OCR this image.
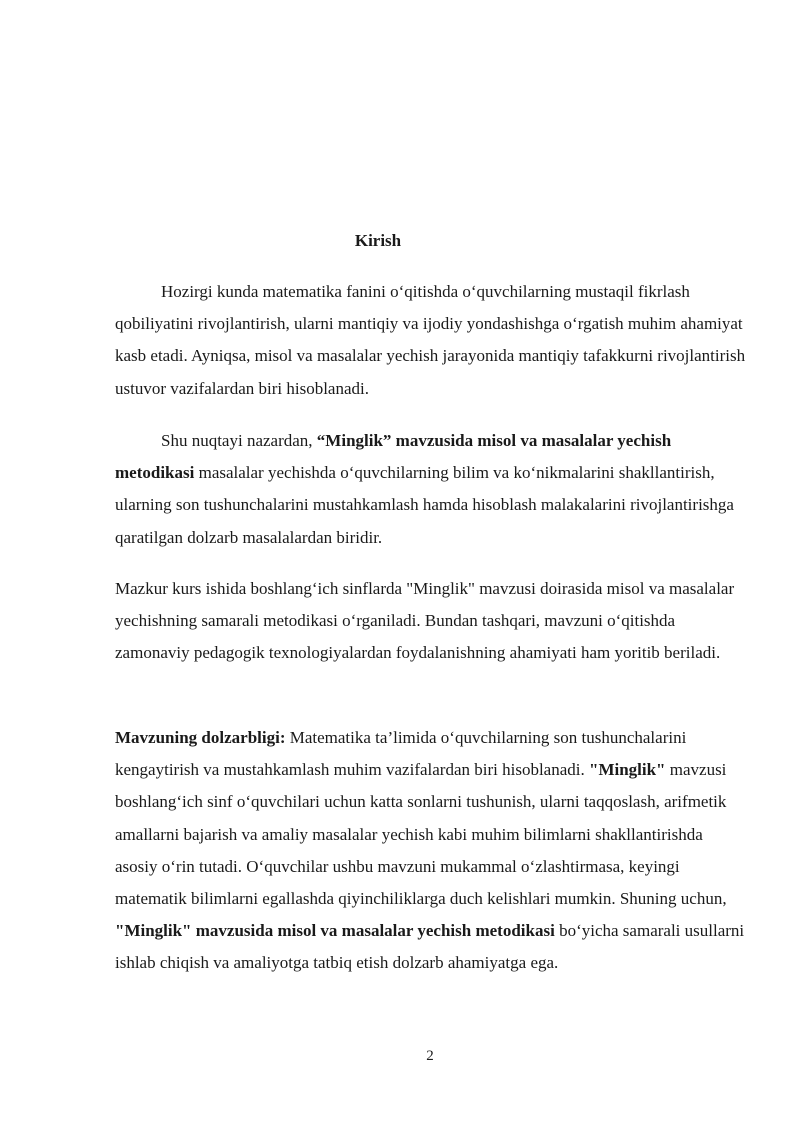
Kirish

Hozirgi kunda matematika fanini o‘qitishda o‘quvchilarning mustaqil fikrlash qobiliyatini rivojlantirish, ularni mantiqiy va ijodiy yondashishga o‘rgatish muhim ahamiyat kasb etadi. Ayniqsa, misol va masalalar yechish jarayonida mantiqiy tafakkurni rivojlantirish ustuvor vazifalardan biri hisoblanadi.

Shu nuqtayi nazardan, “Minglik” mavzusida misol va masalalar yechish metodikasi masalalar yechishda o‘quvchilarning bilim va ko‘nikmalarini shakllantirish, ularning son tushunchalarini mustahkamlash hamda hisoblash malakalarini rivojlantirishga qaratilgan dolzarb masalalardan biridir.

Mazkur kurs ishida boshlang‘ich sinflarda "Minglik" mavzusi doirasida misol va masalalar yechishning samarali metodikasi o‘rganiladi. Bundan tashqari, mavzuni o‘qitishda zamonaviy pedagogik texnologiyalardan foydalanishning ahamiyati ham yoritib beriladi.

Mavzuning dolzarbligi: Matematika ta’limida o‘quvchilarning son tushunchalarini kengaytirish va mustahkamlash muhim vazifalardan biri hisoblanadi. "Minglik" mavzusi boshlang‘ich sinf o‘quvchilari uchun katta sonlarni tushunish, ularni taqqoslash, arifmetik amallarni bajarish va amaliy masalalar yechish kabi muhim bilimlarni shakllantirishda asosiy o‘rin tutadi. O‘quvchilar ushbu mavzuni mukammal o‘zlashtirmasa, keyingi matematik bilimlarni egallashda qiyinchiliklarga duch kelishlari mumkin. Shuning uchun, "Minglik" mavzusida misol va masalalar yechish metodikasi bo‘yicha samarali usullarni ishlab chiqish va amaliyotga tatbiq etish dolzarb ahamiyatga ega.

2
